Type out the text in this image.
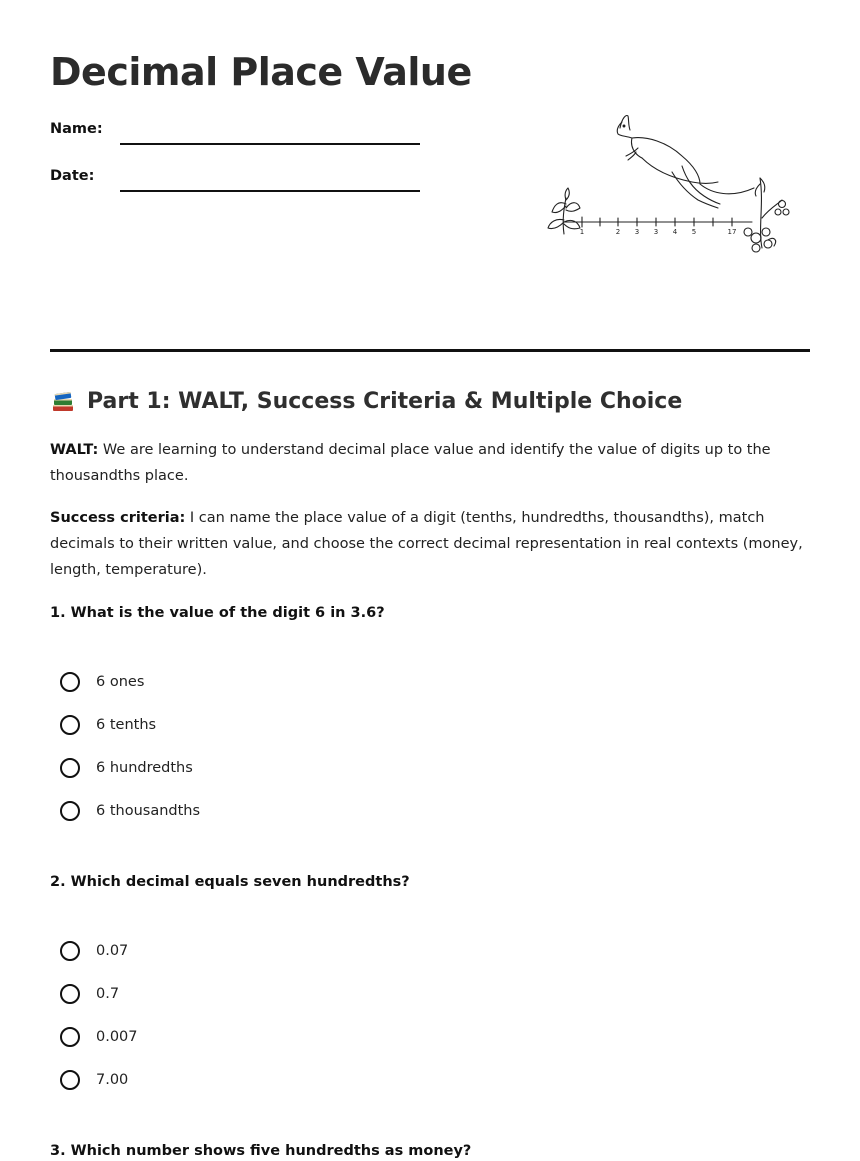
Decimal Place Value
Name:
Date:
1	2 3 3 4 5	17
Part 1: WALT, Success Criteria & Multiple Choice
WALT: We are learning to understand decimal place value and identify the value of digits up to the thousandths place.
Success criteria: I can name the place value of a digit (tenths, hundredths, thousandths), match decimals to their written value, and choose the correct decimal representation in real contexts (money, length, temperature).
1. What is the value of the digit 6 in 3.6?
6 ones
6 tenths
6 hundredths
6 thousandths
2. Which decimal equals seven hundredths?
0.07
0.7
0.007
7.00
3. Which number shows five hundredths as money?
